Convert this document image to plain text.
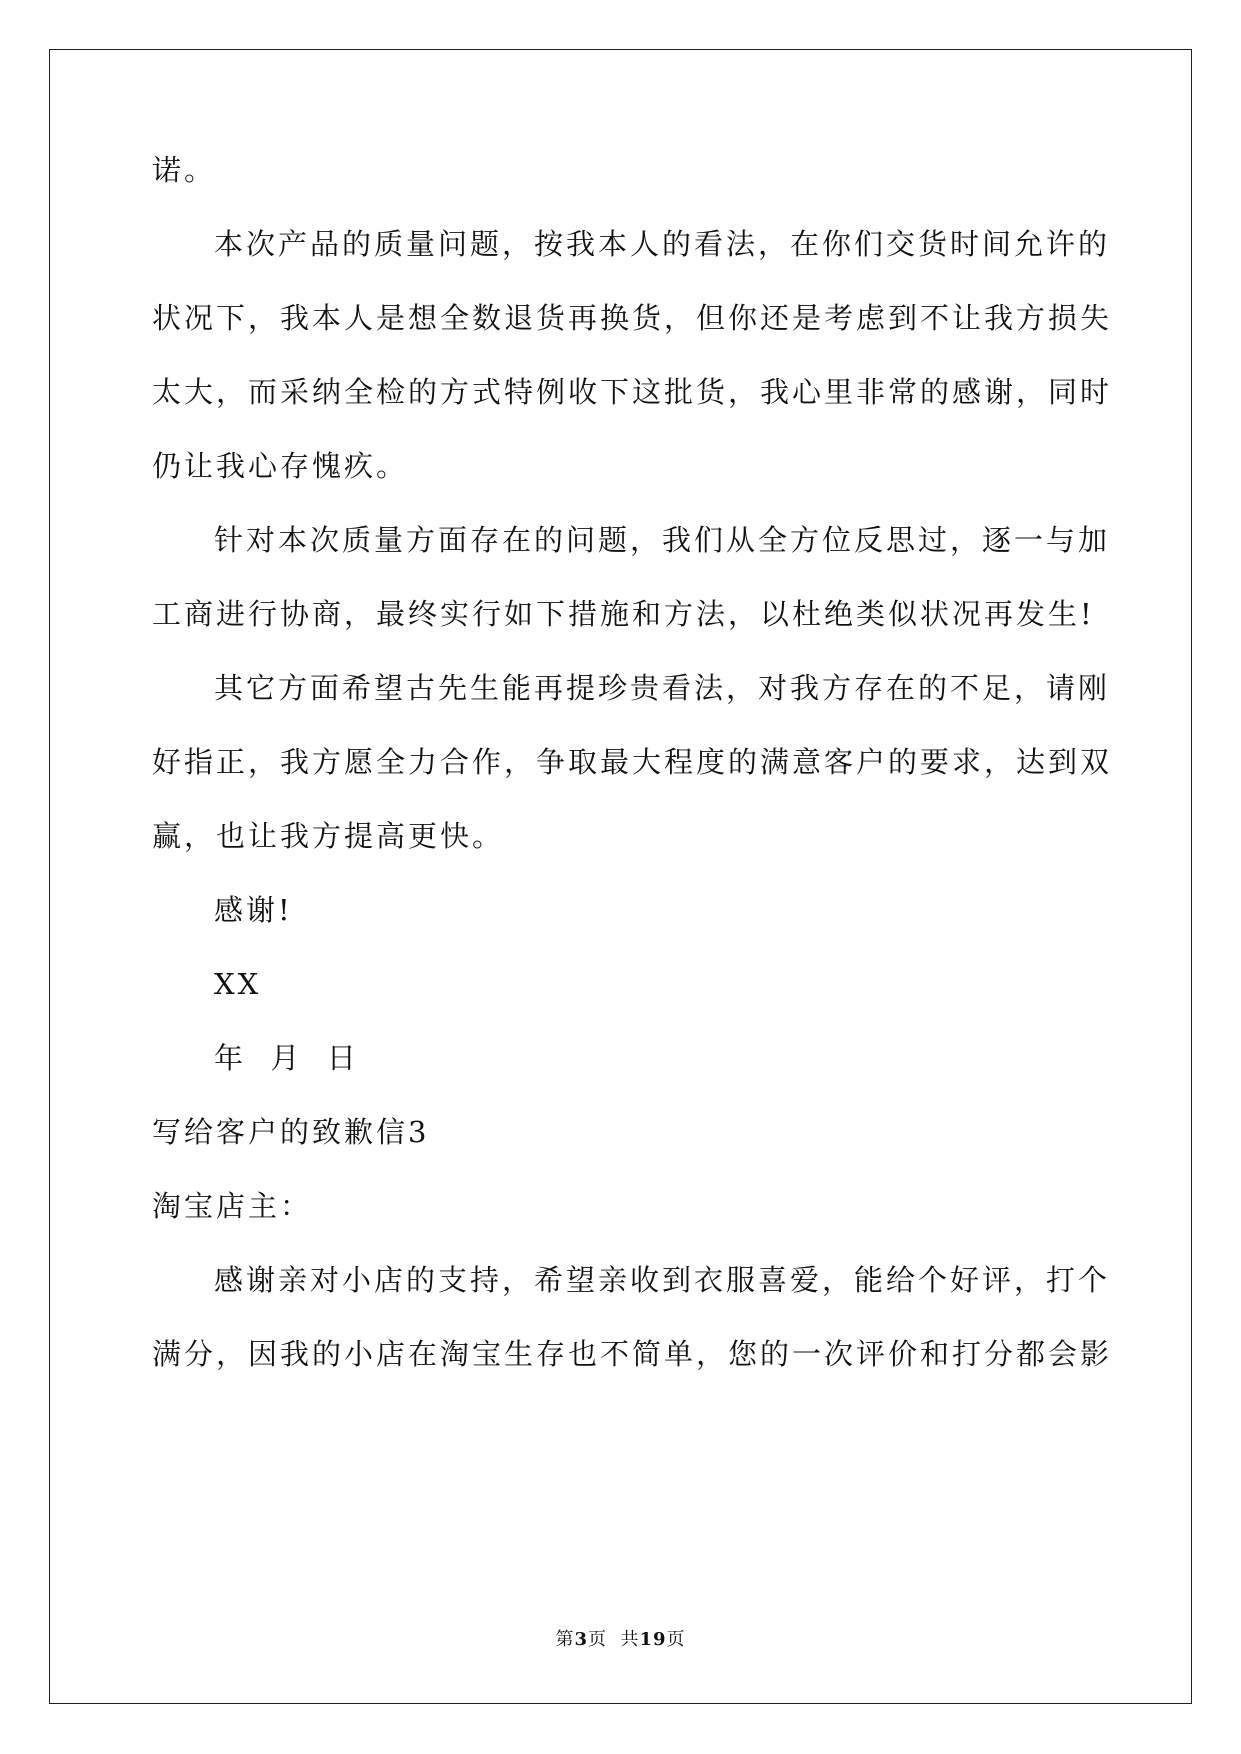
诺。
本次产品的质量问题，按我本人的看法，在你们交货时间允许的
状况下，我本人是想全数退货再换货，但你还是考虑到不让我方损失
太大，而采纳全检的方式特例收下这批货，我心里非常的感谢，同时
仍让我心存愧疚。
针对本次质量方面存在的问题，我们从全方位反思过，逐一与加
工商进行协商，最终实行如下措施和方法，以杜绝类似状况再发生!
其它方面希望古先生能再提珍贵看法，对我方存在的不足，请刚
好指正，我方愿全力合作，争取最大程度的满意客户的要求，达到双
赢，也让我方提高更快。
感谢!
XX
年  月  日
写给客户的致歉信3
淘宝店主：
感谢亲对小店的支持，希望亲收到衣服喜爱，能给个好评，打个
满分，因我的小店在淘宝生存也不简单，您的一次评价和打分都会影
第3页  共19页
